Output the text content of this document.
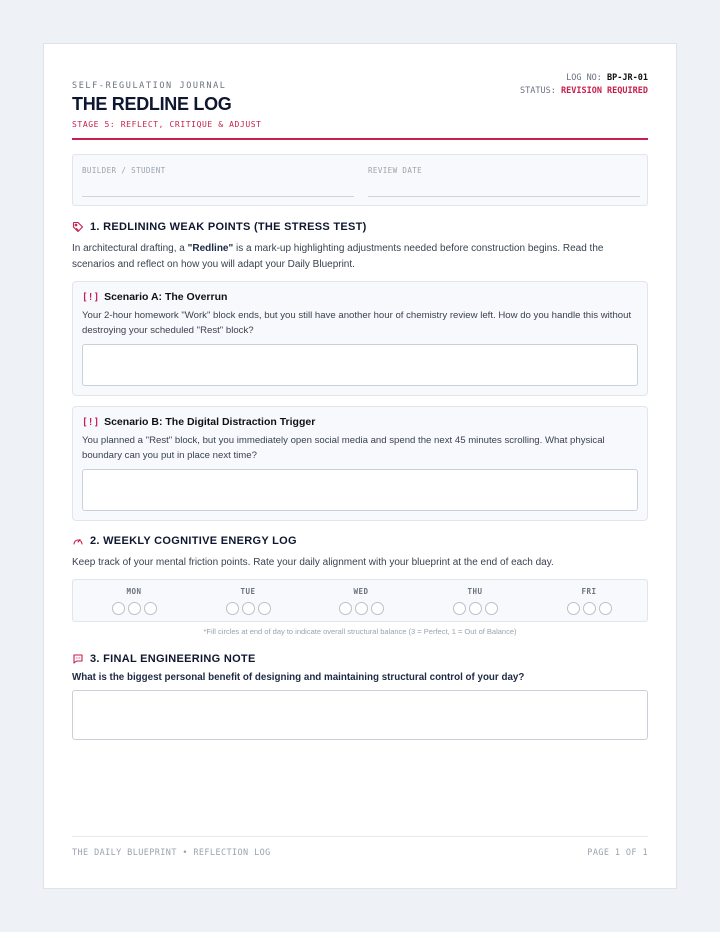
SELF-REGULATION JOURNAL
THE REDLINE LOG
STAGE 5: REFLECT, CRITIQUE & ADJUST
LOG NO: BP-JR-01
STATUS: REVISION REQUIRED
BUILDER / STUDENT	REVIEW DATE
1. REDLINING WEAK POINTS (THE STRESS TEST)
In architectural drafting, a "Redline" is a mark-up highlighting adjustments needed before construction begins. Read the scenarios and reflect on how you will adapt your Daily Blueprint.
[!] Scenario A: The Overrun
Your 2-hour homework "Work" block ends, but you still have another hour of chemistry review left. How do you handle this without destroying your scheduled "Rest" block?
[!] Scenario B: The Digital Distraction Trigger
You planned a "Rest" block, but you immediately open social media and spend the next 45 minutes scrolling. What physical boundary can you put in place next time?
2. WEEKLY COGNITIVE ENERGY LOG
Keep track of your mental friction points. Rate your daily alignment with your blueprint at the end of each day.
MON	TUE	WED	THU	FRI
*Fill circles at end of day to indicate overall structural balance (3 = Perfect, 1 = Out of Balance)
3. FINAL ENGINEERING NOTE
What is the biggest personal benefit of designing and maintaining structural control of your day?
THE DAILY BLUEPRINT • REFLECTION LOG	PAGE 1 OF 1
